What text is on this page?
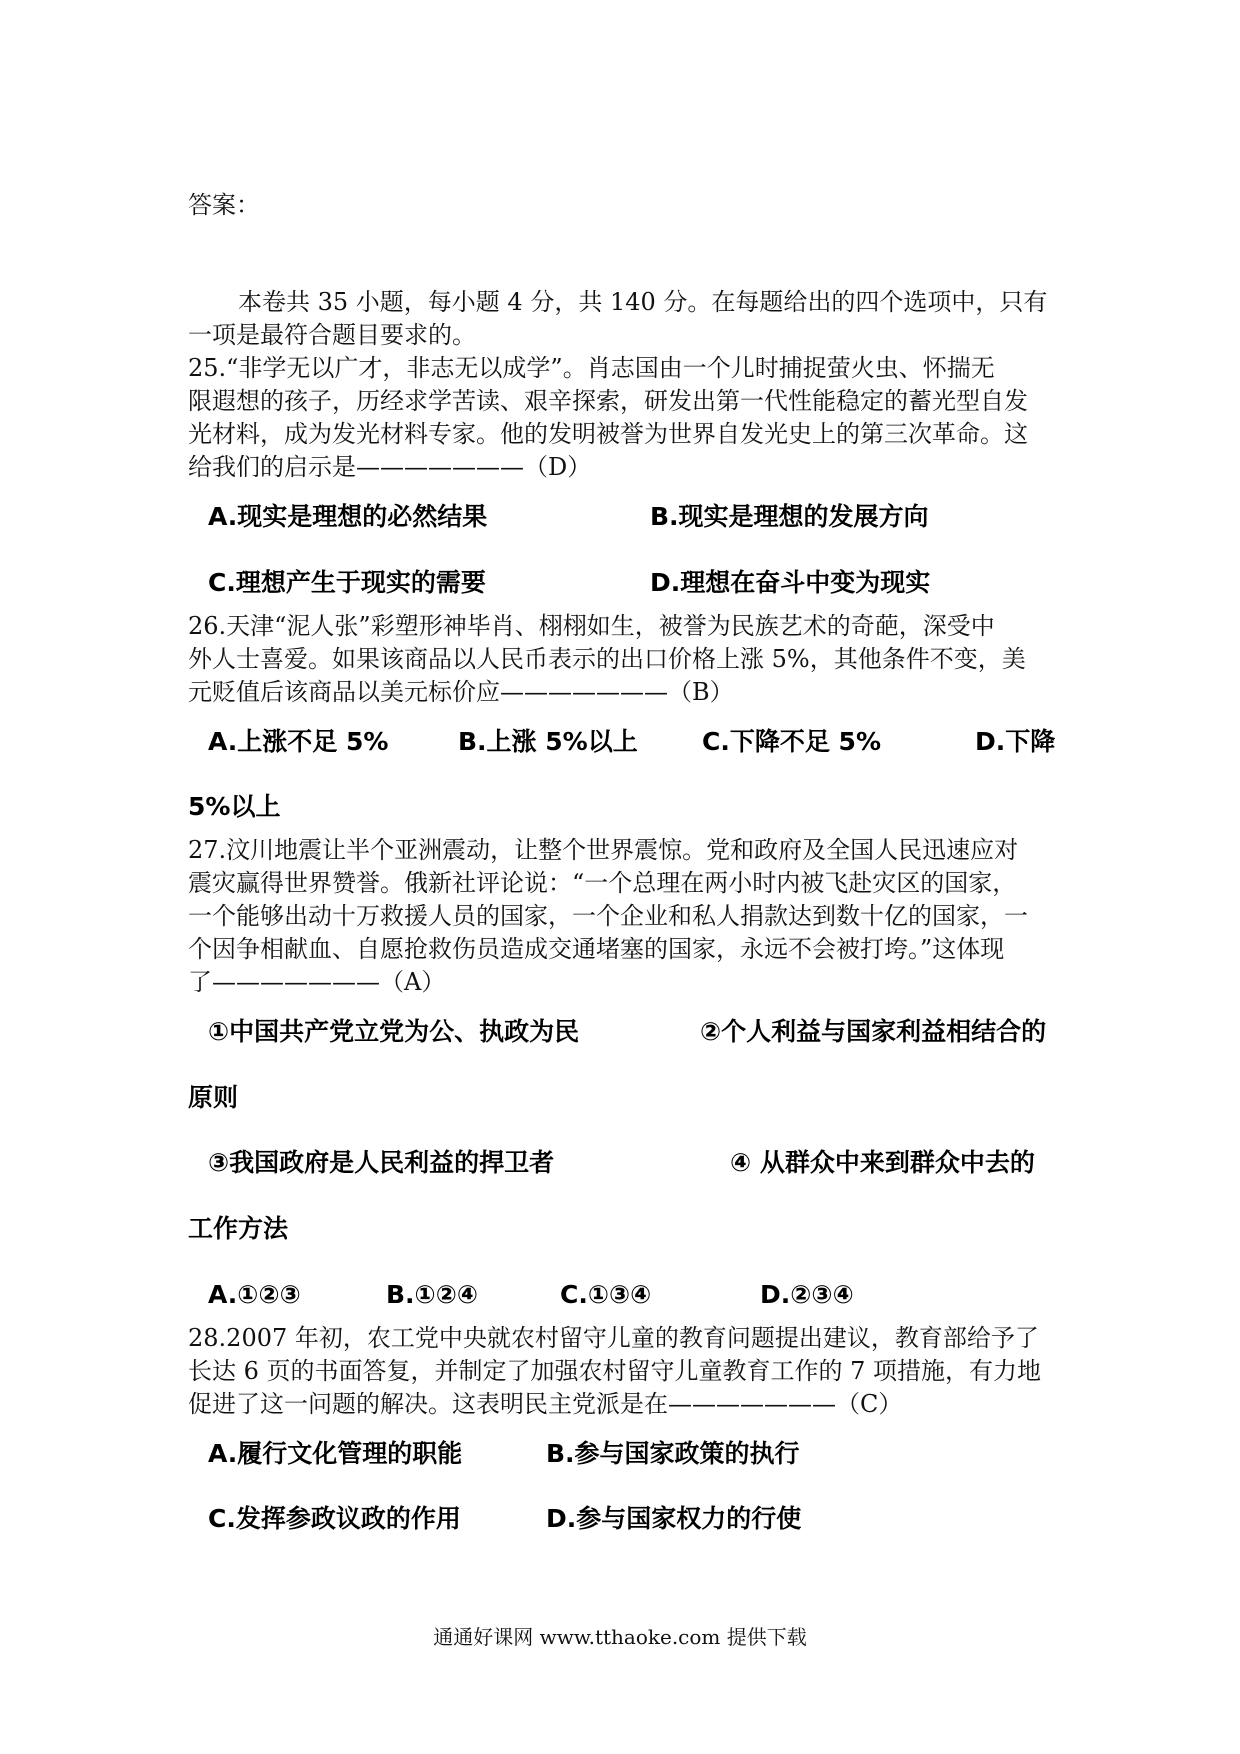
答案：
本卷共 35 小题，每小题 4 分，共 140 分。在每题给出的四个选项中，只有
一项是最符合题目要求的。
25.“非学无以广才，非志无以成学”。肖志国由一个儿时捕捉萤火虫、怀揣无
限遐想的孩子，历经求学苦读、艰辛探索，研发出第一代性能稳定的蓄光型自发
光材料，成为发光材料专家。他的发明被誉为世界自发光史上的第三次革命。这
给我们的启示是———————（D）
A.现实是理想的必然结果	B.现实是理想的发展方向
C.理想产生于现实的需要	D.理想在奋斗中变为现实
26.天津“泥人张”彩塑形神毕肖、栩栩如生，被誉为民族艺术的奇葩，深受中
外人士喜爱。如果该商品以人民币表示的出口价格上涨 5%，其他条件不变，美
元贬值后该商品以美元标价应———————（B）
A.上涨不足 5%	B.上涨 5%以上	C.下降不足 5%	D.下降
5%以上
27.汶川地震让半个亚洲震动，让整个世界震惊。党和政府及全国人民迅速应对
震灾赢得世界赞誉。俄新社评论说：“一个总理在两小时内被飞赴灾区的国家，
一个能够出动十万救援人员的国家，一个企业和私人捐款达到数十亿的国家，一
个因争相献血、自愿抢救伤员造成交通堵塞的国家，永远不会被打垮。”这体现
了———————（A）
①中国共产党立党为公、执政为民	②个人利益与国家利益相结合的
原则
③我国政府是人民利益的捍卫者	④ 从群众中来到群众中去的
工作方法
A.①②③	B.①②④	C.①③④	D.②③④
28.2007 年初，农工党中央就农村留守儿童的教育问题提出建议，教育部给予了
长达 6 页的书面答复，并制定了加强农村留守儿童教育工作的 7 项措施，有力地
促进了这一问题的解决。这表明民主党派是在———————（C）
A.履行文化管理的职能	B.参与国家政策的执行
C.发挥参政议政的作用	D.参与国家权力的行使
通通好课网 www.tthaoke.com 提供下载
